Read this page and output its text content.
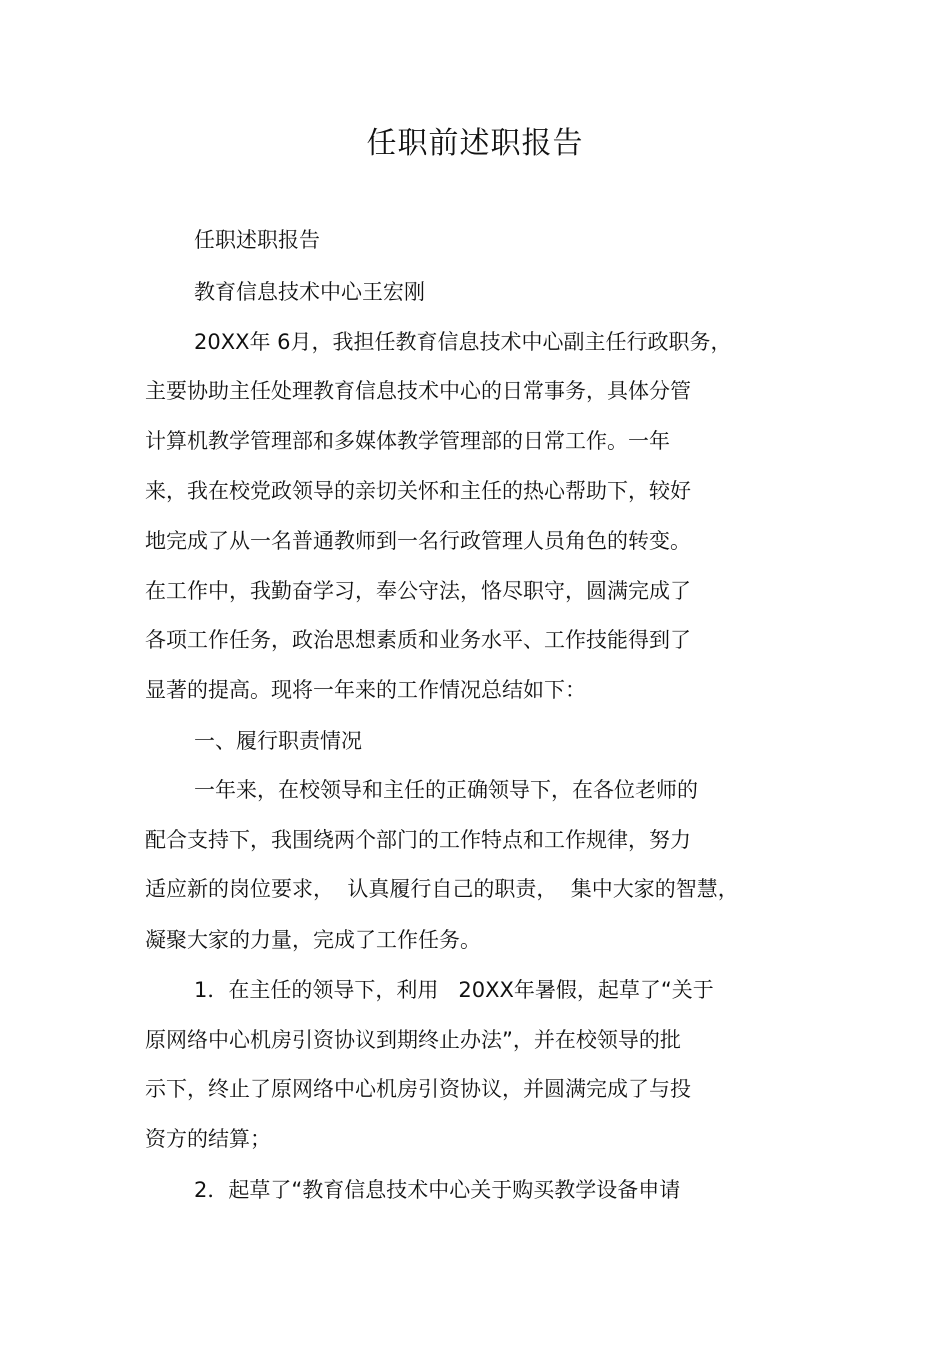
任职前述职报告
任职述职报告
教育信息技术中心王宏刚
20XX年 6月，我担任教育信息技术中心副主任行政职务，
主要协助主任处理教育信息技术中心的日常事务，具体分管
计算机教学管理部和多媒体教学管理部的日常工作。一年
来，我在校党政领导的亲切关怀和主任的热心帮助下，较好
地完成了从一名普通教师到一名行政管理人员角色的转变。
在工作中，我勤奋学习，奉公守法，恪尽职守，圆满完成了
各项工作任务，政治思想素质和业务水平、工作技能得到了
显著的提高。现将一年来的工作情况总结如下：
一、履行职责情况
一年来，在校领导和主任的正确领导下，在各位老师的
配合支持下，我围绕两个部门的工作特点和工作规律，努力
适应新的岗位要求，  认真履行自己的职责，  集中大家的智慧，
凝聚大家的力量，完成了工作任务。
1．在主任的领导下，利用   20XX年暑假，起草了“关于
原网络中心机房引资协议到期终止办法”，并在校领导的批
示下，终止了原网络中心机房引资协议，并圆满完成了与投
资方的结算；
2．起草了“教育信息技术中心关于购买教学设备申请
